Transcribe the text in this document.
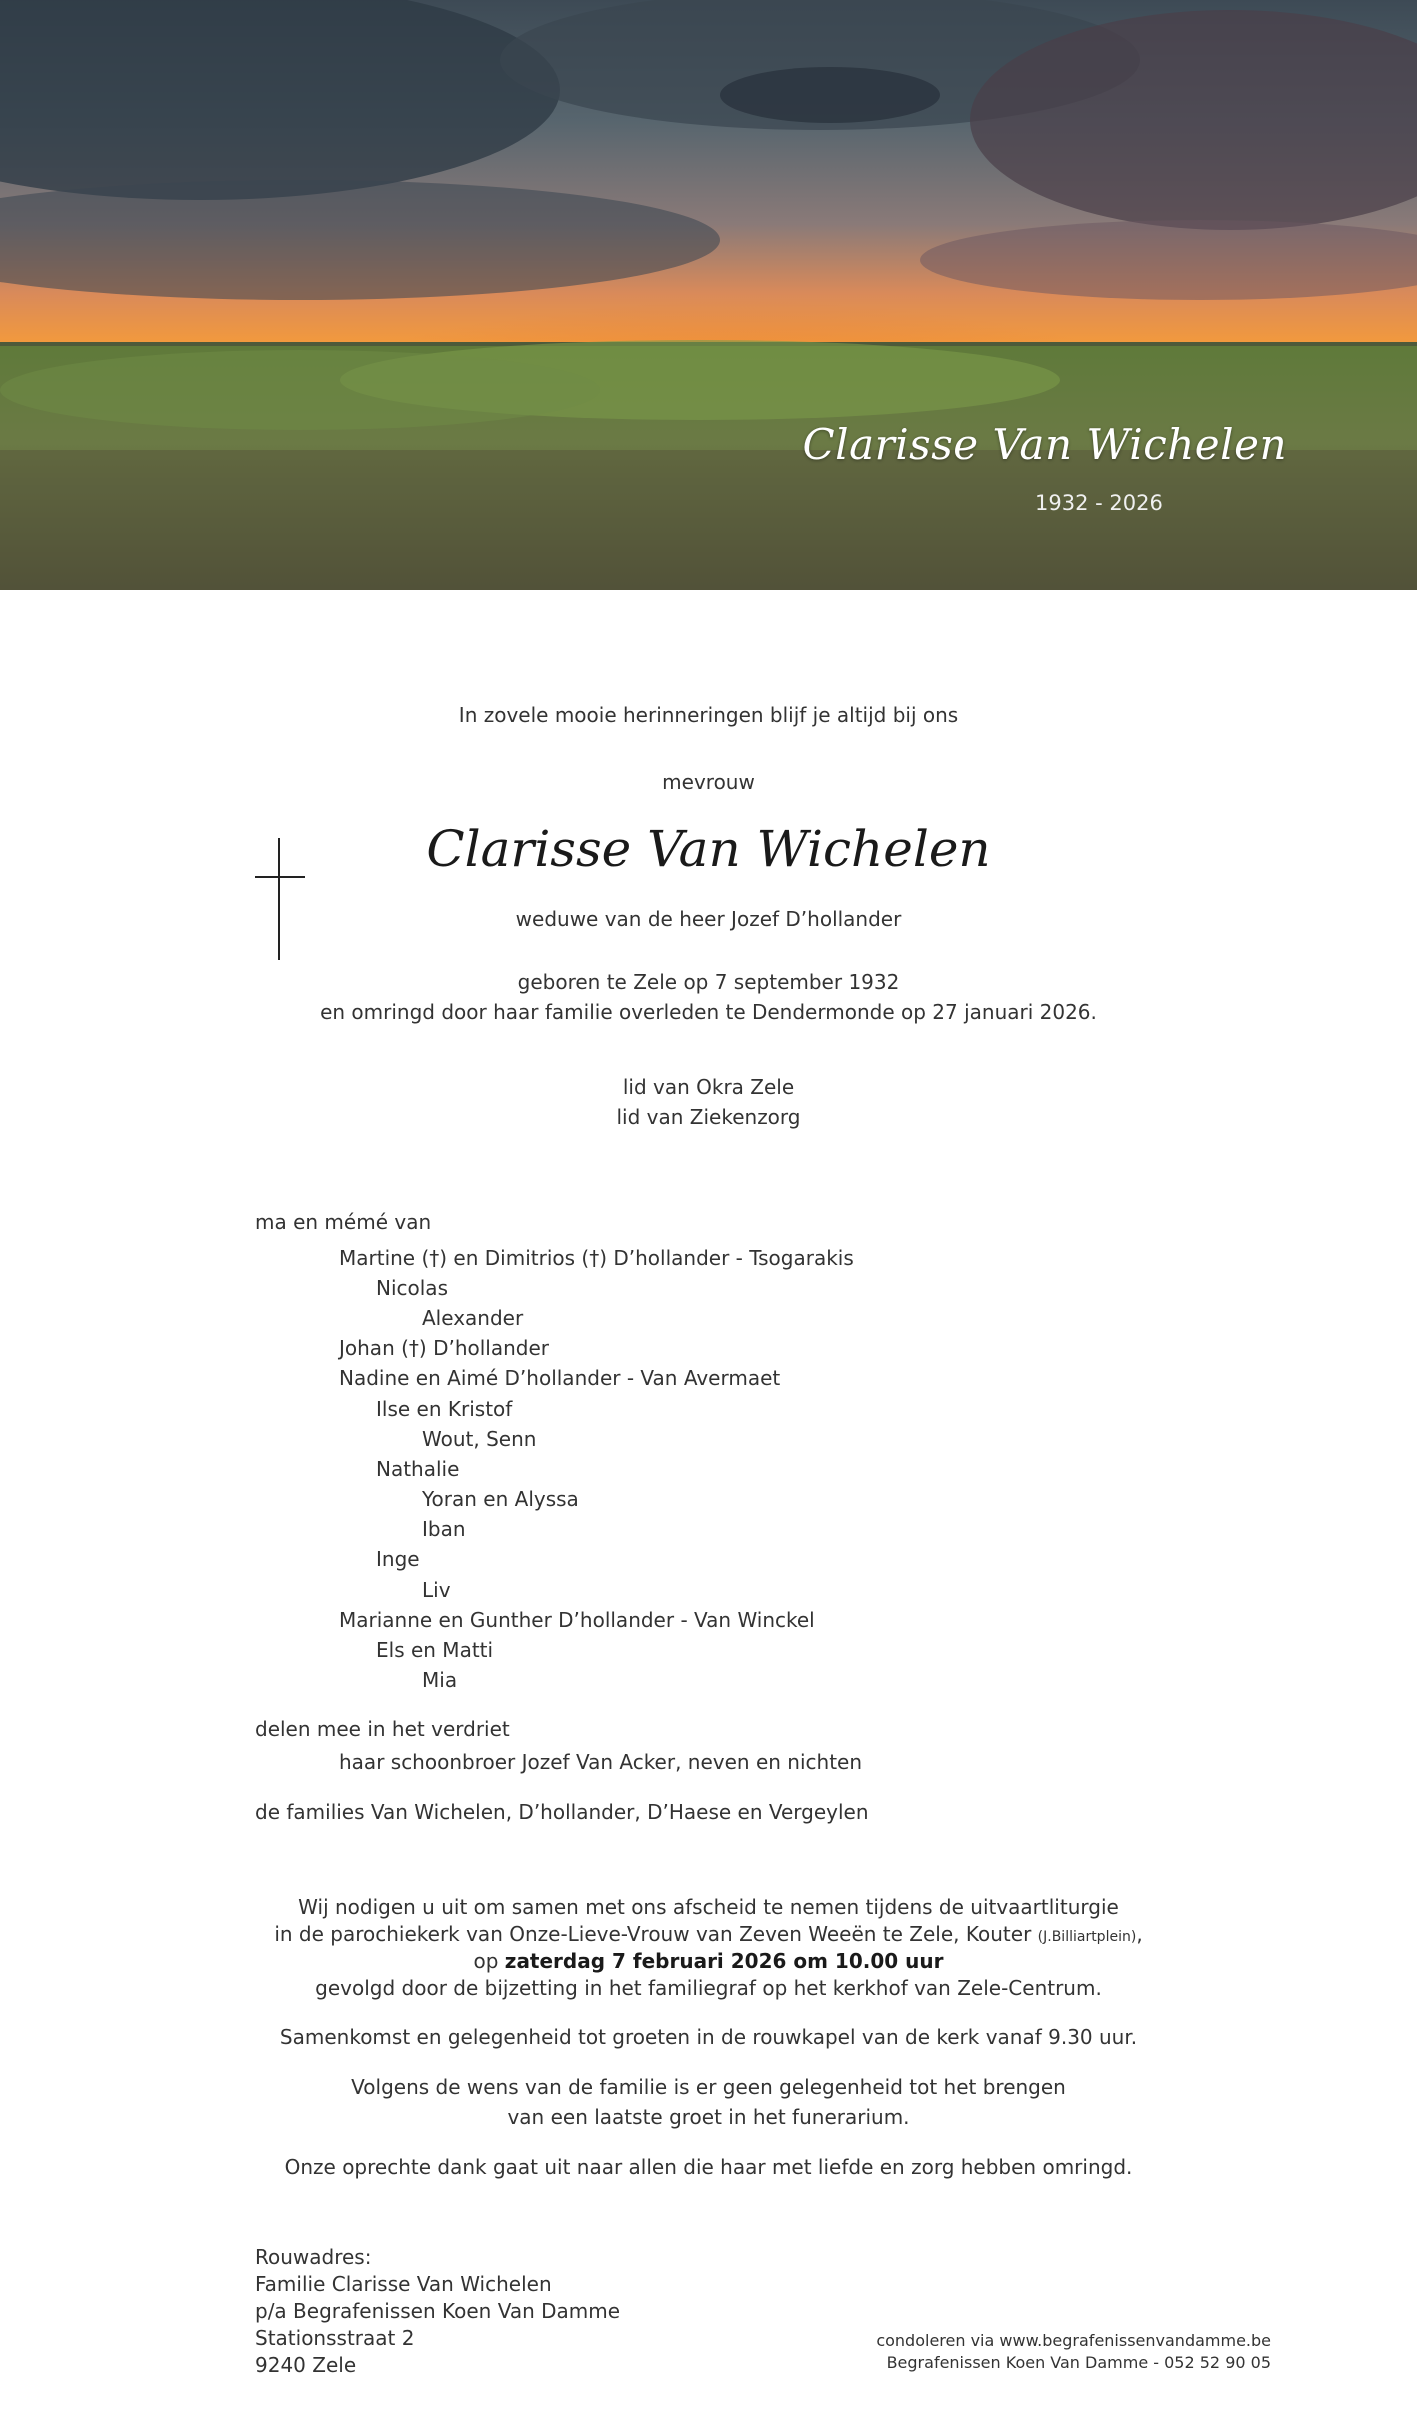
Clarisse Van Wichelen
1932 - 2026
In zovele mooie herinneringen blijf je altijd bij ons
mevrouw
Clarisse Van Wichelen
weduwe van de heer Jozef D’hollander
geboren te Zele op 7 september 1932
en omringd door haar familie overleden te Dendermonde op 27 januari 2026.
lid van Okra Zele
lid van Ziekenzorg
ma en mémé van
Martine (†) en Dimitrios (†) D’hollander - Tsogarakis
Nicolas
Alexander
Johan (†) D’hollander
Nadine en Aimé D’hollander - Van Avermaet
Ilse en Kristof
Wout, Senn
Nathalie
Yoran en Alyssa
Iban
Inge
Liv
Marianne en Gunther D’hollander - Van Winckel
Els en Matti
Mia
delen mee in het verdriet
haar schoonbroer Jozef Van Acker, neven en nichten
de families Van Wichelen, D’hollander, D’Haese en Vergeylen
Wij nodigen u uit om samen met ons afscheid te nemen tijdens de uitvaartliturgie
in de parochiekerk van Onze-Lieve-Vrouw van Zeven Weeën te Zele, Kouter (J.Billiartplein),
op zaterdag 7 februari 2026 om 10.00 uur
gevolgd door de bijzetting in het familiegraf op het kerkhof van Zele-Centrum.
Samenkomst en gelegenheid tot groeten in de rouwkapel van de kerk vanaf 9.30 uur.
Volgens de wens van de familie is er geen gelegenheid tot het brengen
van een laatste groet in het funerarium.
Onze oprechte dank gaat uit naar allen die haar met liefde en zorg hebben omringd.
Rouwadres:
Familie Clarisse Van Wichelen
p/a Begrafenissen Koen Van Damme
Stationsstraat 2
9240 Zele
condoleren via www.begrafenissenvandamme.be
Begrafenissen Koen Van Damme - 052 52 90 05
